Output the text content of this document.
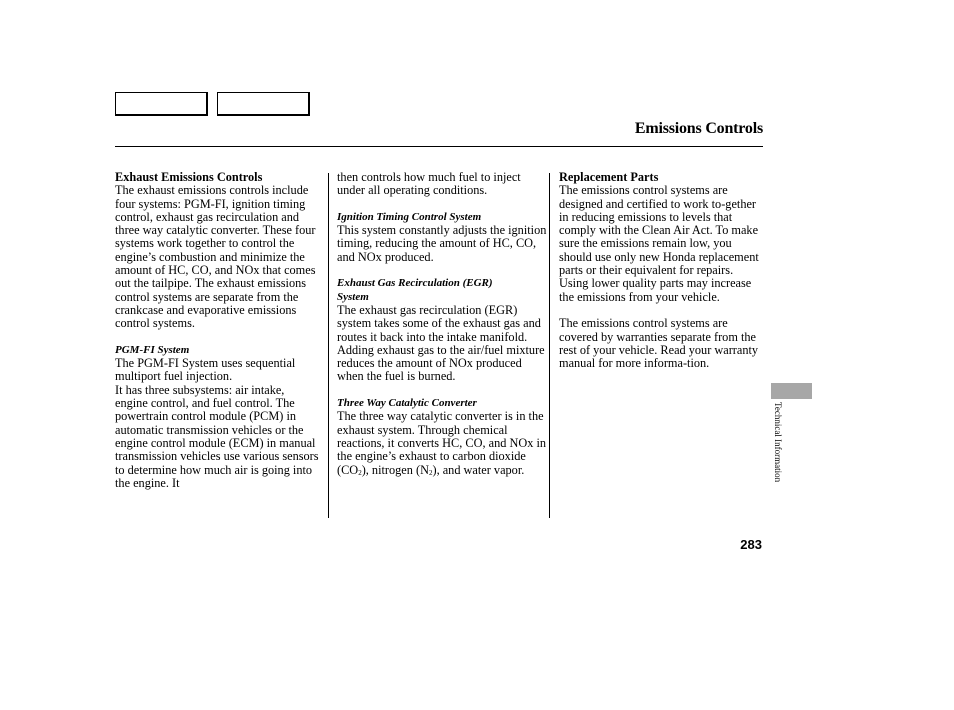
Emissions Controls

Exhaust Emissions Controls

The exhaust emissions controls include four systems: PGM-FI, ignition timing control, exhaust gas recirculation and three way catalytic converter. These four systems work together to control the engine’s combustion and minimize the amount of HC, CO, and NOx that comes out the tailpipe. The exhaust emissions control systems are separate from the crankcase and evaporative emissions control systems.

PGM-FI System

The PGM-FI System uses sequential multiport fuel injection.

It has three subsystems: air intake, engine control, and fuel control. The powertrain control module (PCM) in automatic transmission vehicles or the engine control module (ECM) in manual transmission vehicles use various sensors to determine how much air is going into the engine. It

then controls how much fuel to inject under all operating conditions.

Ignition Timing Control System

This system constantly adjusts the ignition timing, reducing the amount of HC, CO, and NOx produced.

Exhaust Gas Recirculation (EGR)

System

The exhaust gas recirculation (EGR) system takes some of the exhaust gas and routes it back into the intake manifold. Adding exhaust gas to the air/fuel mixture reduces the amount of NOx produced when the fuel is burned.

Three Way Catalytic Converter

The three way catalytic converter is in the exhaust system. Through chemical reactions, it converts HC, CO, and NOx in the engine’s exhaust to carbon dioxide $(CO_2)$, nitrogen $(N_2)$, and water vapor.

Replacement Parts

The emissions control systems are designed and certified to work to-gether in reducing emissions to levels that comply with the Clean Air Act. To make sure the emissions remain low, you should use only new Honda replacement parts or their equivalent for repairs. Using lower quality parts may increase the emissions from your vehicle.

The emissions control systems are covered by warranties separate from the rest of your vehicle. Read your warranty manual for more informa-tion.

Technical Information
283
